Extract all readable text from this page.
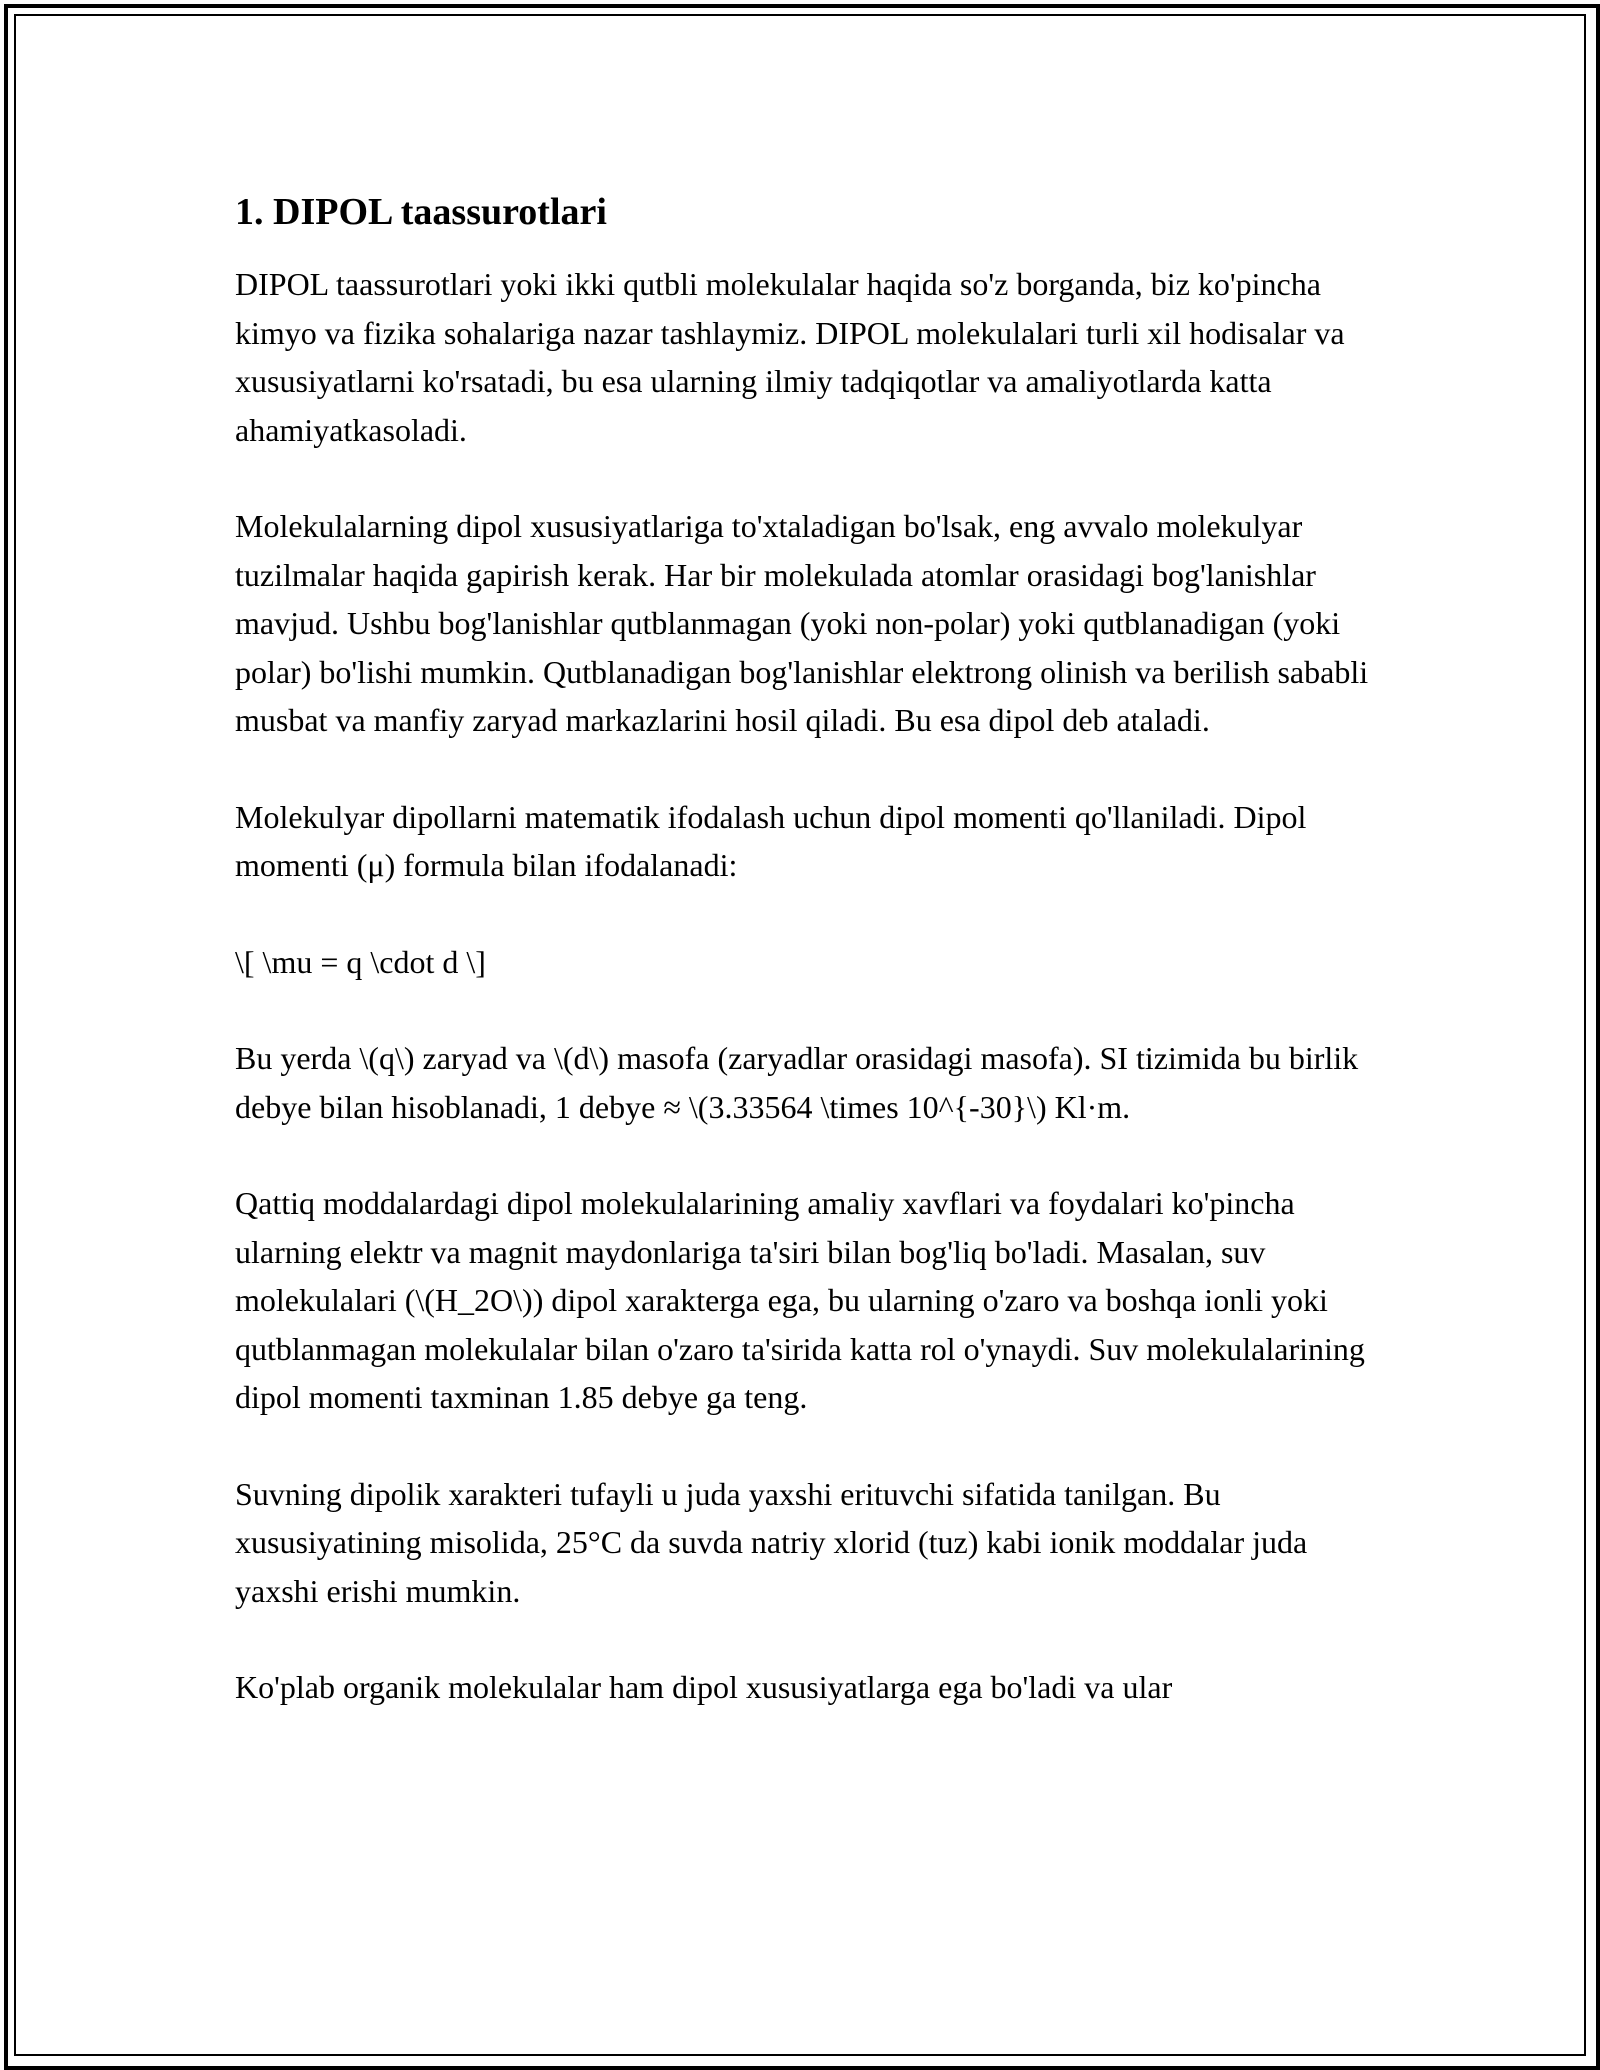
1. DIPOL taassurotlari

DIPOL taassurotlari yoki ikki qutbli molekulalar haqida so'z borganda, biz ko'pincha kimyo va fizika sohalariga nazar tashlaymiz. DIPOL molekulalari turli xil hodisalar va xususiyatlarni ko'rsatadi, bu esa ularning ilmiy tadqiqotlar va amaliyotlarda katta ahamiyatkasoladi.

Molekulalarning dipol xususiyatlariga to'xtaladigan bo'lsak, eng avvalo molekulyar tuzilmalar haqida gapirish kerak. Har bir molekulada atomlar orasidagi bog'lanishlar mavjud. Ushbu bog'lanishlar qutblanmagan (yoki non-polar) yoki qutblanadigan (yoki polar) bo'lishi mumkin. Qutblanadigan bog'lanishlar elektrong olinish va berilish sababli musbat va manfiy zaryad markazlarini hosil qiladi. Bu esa dipol deb ataladi.

Molekulyar dipollarni matematik ifodalash uchun dipol momenti qo'llaniladi. Dipol momenti (μ) formula bilan ifodalanadi:

\[ \mu = q \cdot d \]

Bu yerda \(q\) zaryad va \(d\) masofa (zaryadlar orasidagi masofa). SI tizimida bu birlik debye bilan hisoblanadi, 1 debye ≈ \(3.33564 \times 10^{-30}\) Kl·m.

Qattiq moddalardagi dipol molekulalarining amaliy xavflari va foydalari ko'pincha ularning elektr va magnit maydonlariga ta'siri bilan bog'liq bo'ladi. Masalan, suv molekulalari (\(H_2O\)) dipol xarakterga ega, bu ularning o'zaro va boshqa ionli yoki qutblanmagan molekulalar bilan o'zaro ta'sirida katta rol o'ynaydi. Suv molekulalarining dipol momenti taxminan 1.85 debye ga teng.

Suvning dipolik xarakteri tufayli u juda yaxshi erituvchi sifatida tanilgan. Bu xususiyatining misolida, 25°C da suvda natriy xlorid (tuz) kabi ionik moddalar juda yaxshi erishi mumkin.

Ko'plab organik molekulalar ham dipol xususiyatlarga ega bo'ladi va ular
